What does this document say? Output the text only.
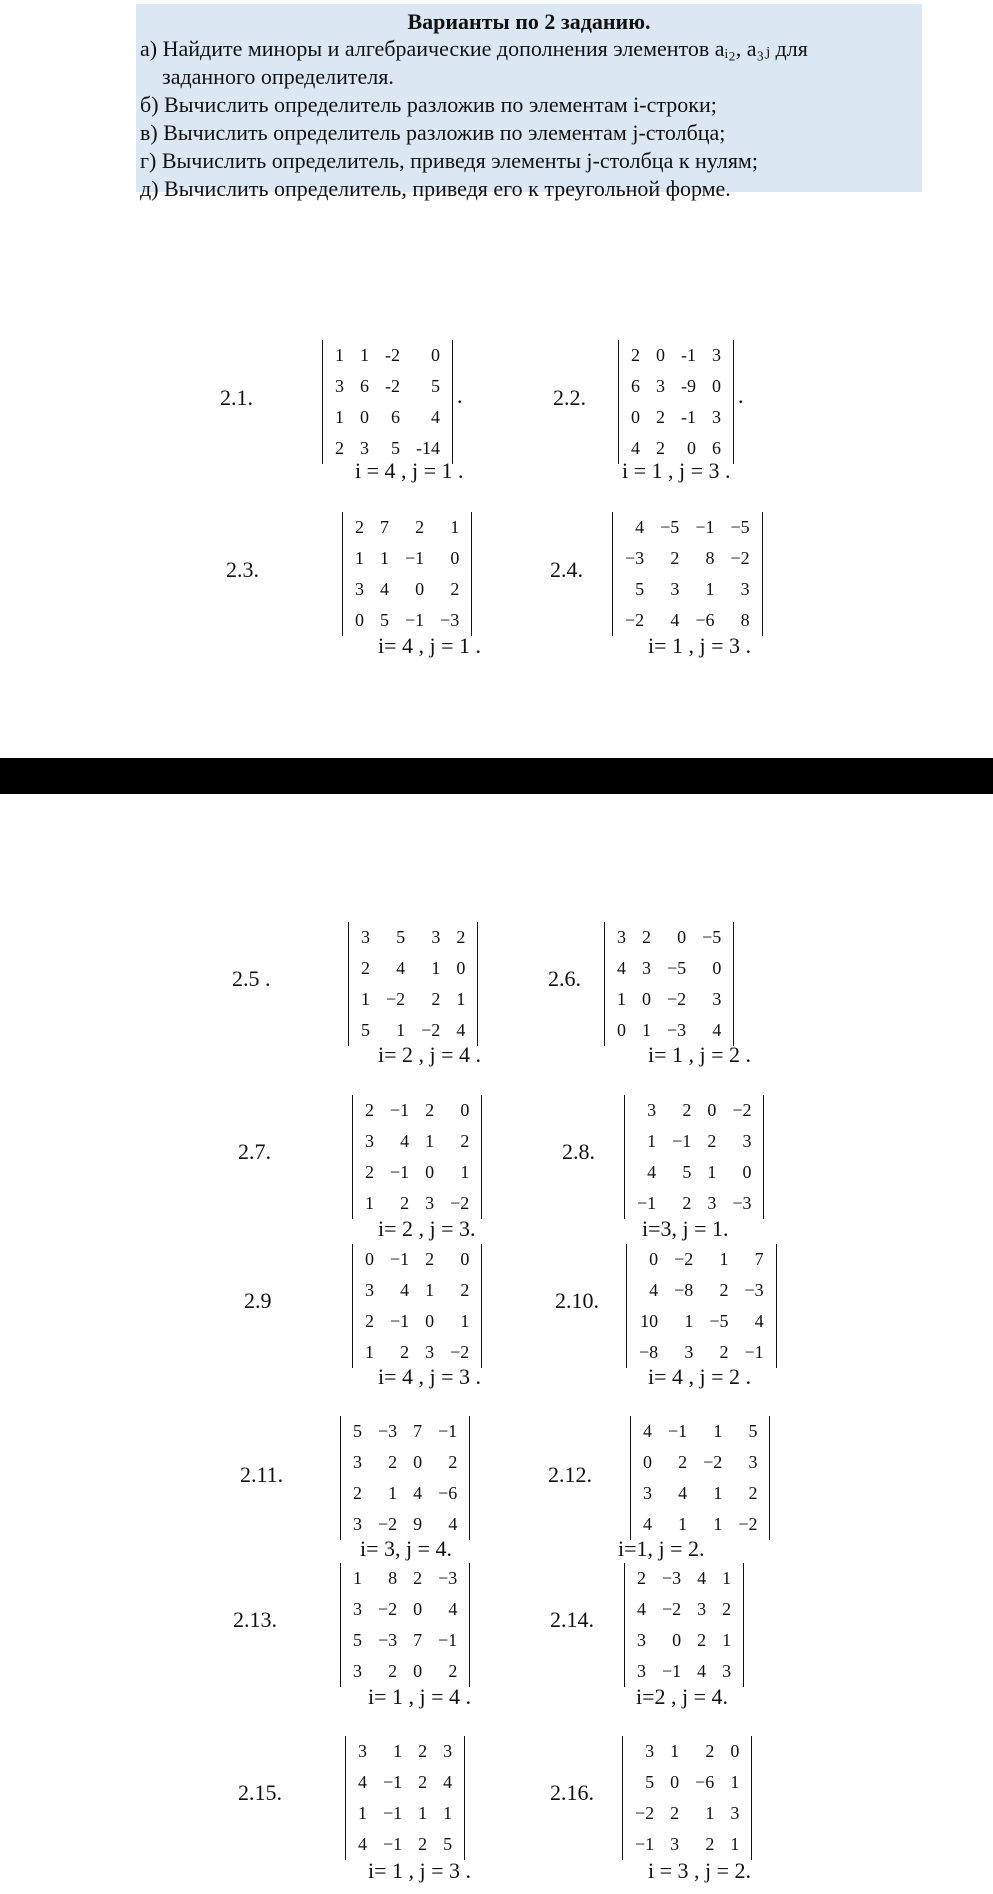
Варианты по 2 заданию.
а) Найдите миноры и алгебраические дополнения элементов aᵢ₂, a₃ⱼ для
заданного определителя.
б) Вычислить определитель разложив по элементам i-строки;
в) Вычислить определитель разложив по элементам j-столбца;
г) Вычислить определитель, приведя элементы j-столбца к нулям;
д) Вычислить определитель, приведя его к треугольной форме.
2.1.
1	1	-2	0
3	6	-2	5
1	0	6	4
2	3	5	-14
.
i = 4 , j = 1 .
2.2.
2	0	-1	3
6	3	-9	0
0	2	-1	3
4	2	0	6
.
i = 1 , j = 3 .
2.3.
2	7	2	1
1	1	−1	0
3	4	0	2
0	5	−1	−3
i= 4 , j = 1 .
2.4.
4	−5	−1	−5
−3	2	8	−2
5	3	1	3
−2	4	−6	8
i= 1 , j = 3 .
2.5 .
3	5	3	2
2	4	1	0
1	−2	2	1
5	1	−2	4
i= 2 , j = 4 .
2.6.
3	2	0	−5
4	3	−5	0
1	0	−2	3
0	1	−3	4
i= 1 , j = 2 .
2.7.
2	−1	2	0
3	4	1	2
2	−1	0	1
1	2	3	−2
i= 2 , j = 3.
2.8.
3	2	0	−2
1	−1	2	3
4	5	1	0
−1	2	3	−3
i=3, j = 1.
2.9
0	−1	2	0
3	4	1	2
2	−1	0	1
1	2	3	−2
i= 4 , j = 3 .
2.10.
0	−2	1	7
4	−8	2	−3
10	1	−5	4
−8	3	2	−1
i= 4 , j = 2 .
2.11.
5	−3	7	−1
3	2	0	2
2	1	4	−6
3	−2	9	4
i= 3, j = 4.
2.12.
4	−1	1	5
0	2	−2	3
3	4	1	2
4	1	1	−2
i=1, j = 2.
2.13.
1	8	2	−3
3	−2	0	4
5	−3	7	−1
3	2	0	2
i= 1 , j = 4 .
2.14.
2	−3	4	1
4	−2	3	2
3	0	2	1
3	−1	4	3
i=2 , j = 4.
2.15.
3	1	2	3
4	−1	2	4
1	−1	1	1
4	−1	2	5
i= 1 , j = 3 .
2.16.
3	1	2	0
5	0	−6	1
−2	2	1	3
−1	3	2	1
i = 3 , j = 2.
